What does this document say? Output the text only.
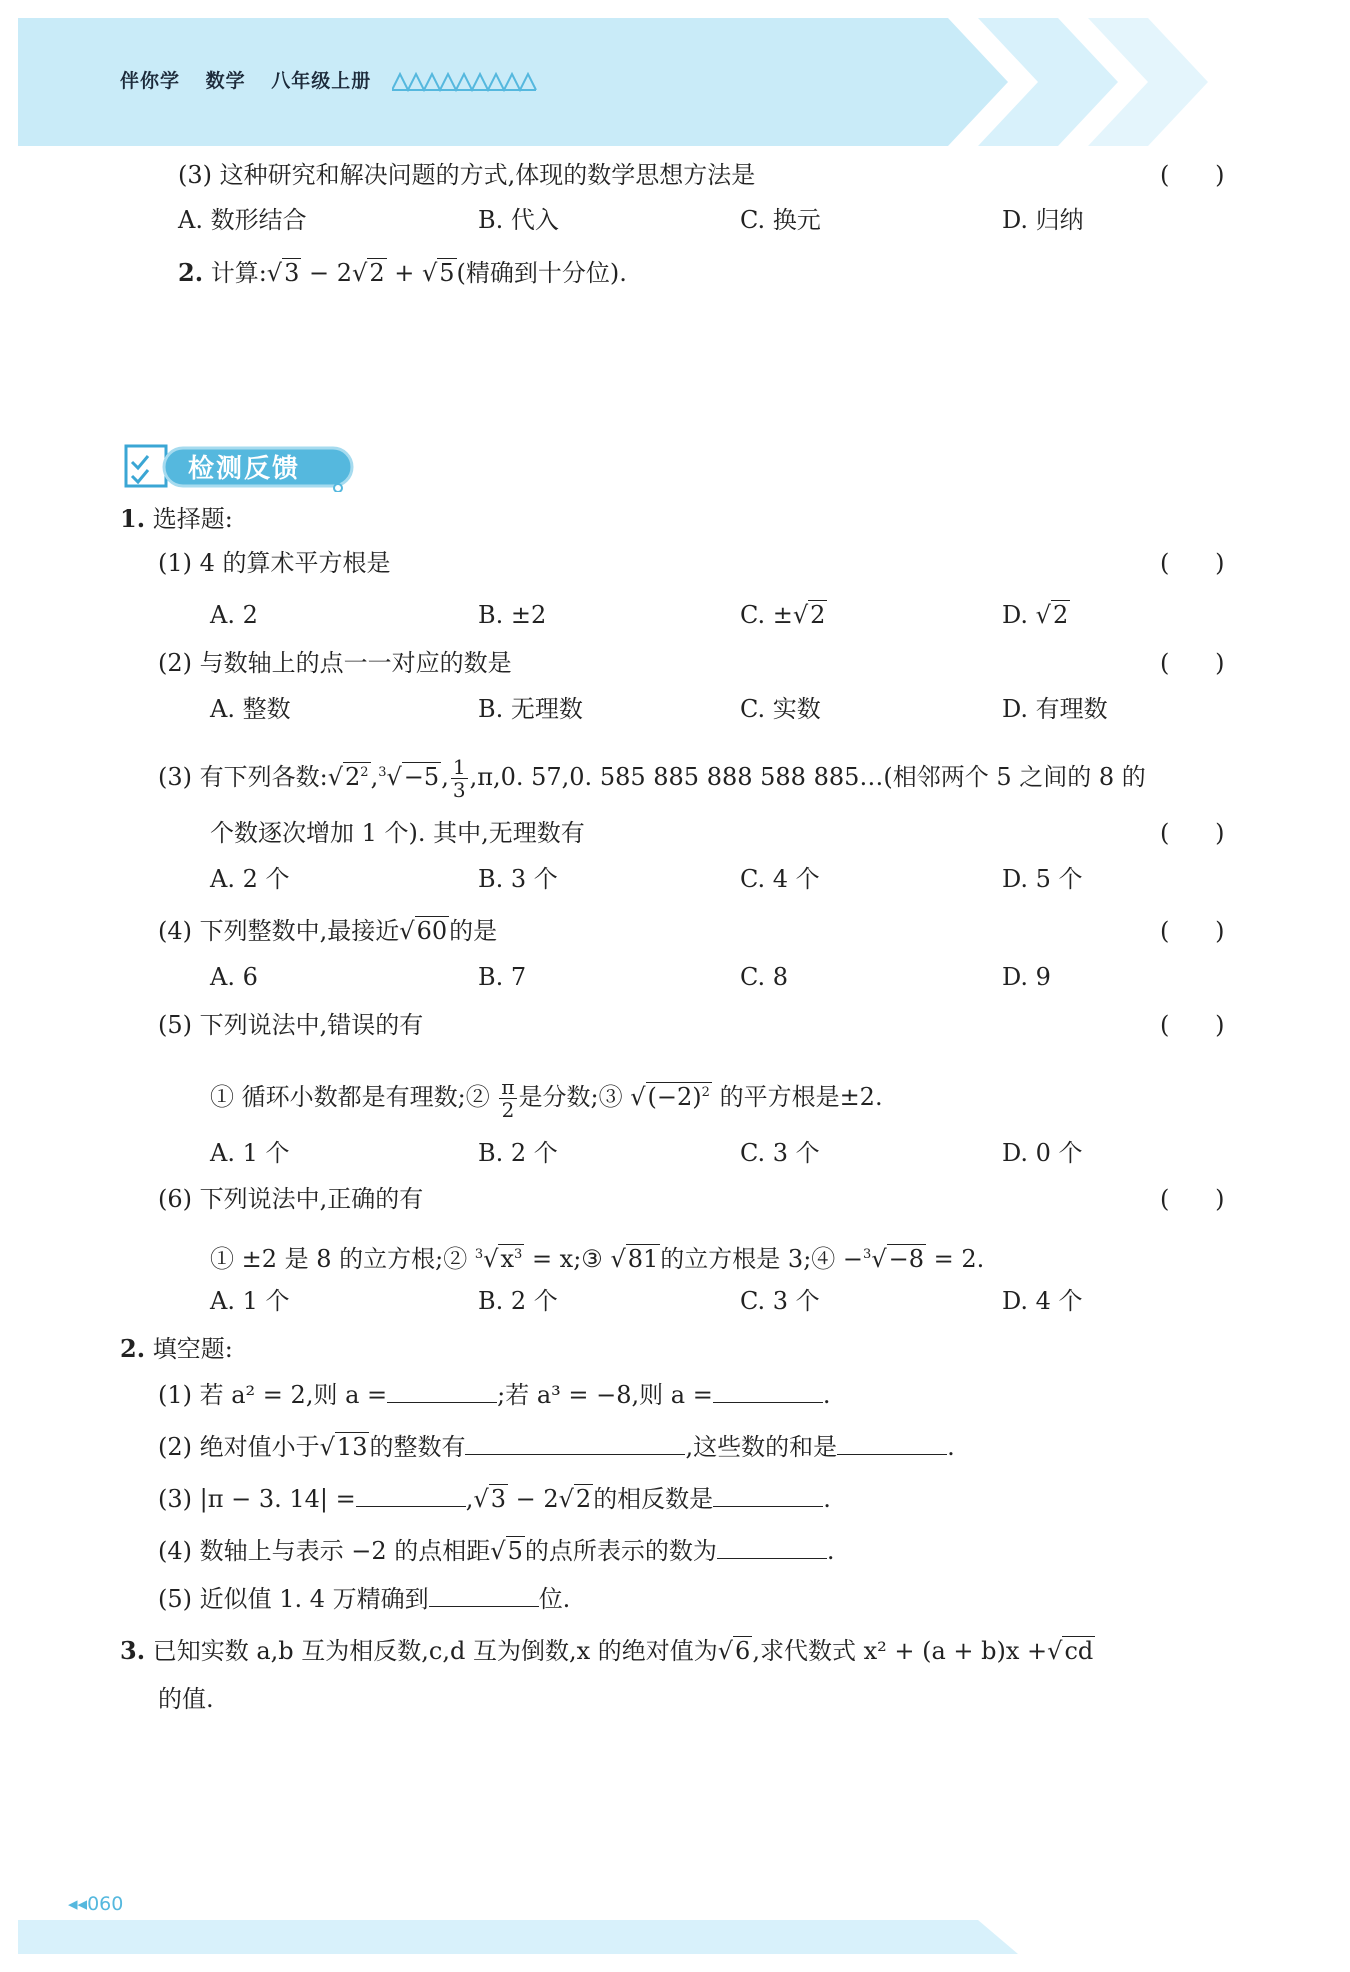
伴你学 数学 八年级上册
(3) 这种研究和解决问题的方式,体现的数学思想方法是	(      )
A. 数形结合	B. 代入	C. 换元	D. 归纳
2. 计算:√3 − 2√2 + √5(精确到十分位).
检测反馈
1. 选择题:
(1) 4 的算术平方根是	(      )
A. 2	B. ±2	C. ±√2	D. √2
(2) 与数轴上的点一一对应的数是	(      )
A. 整数	B. 无理数	C. 实数	D. 有理数
(3) 有下列各数$:√2^2,^3√-5$, $\frac{1}{3} ,\pi,0$. 57,0. 585 885 888 588 885…(相邻两个 5 之间的 8 的
个数逐次增加 1 个). 其中,无理数有	(      )
A. 2 个	B. 3 个	C. 4 个	D. 5 个
(4) 下列整数中,最接近√60的是	(      )
A. 6	B. 7	C. 8	D. 9
(5) 下列说法中,错误的有	(      )
① 循环小数都是有理数;② $\frac{\pi}{2}$ 是分数;③ $√(-2)^2$ 的平方根是±2.
A. 1 个	B. 2 个	C. 3 个	D. 0 个
(6) 下列说法中,正确的有	(      )
① ±2 是 8 的立方根;② $^3√x^3$ = x;③ √81的立方根是 3;④ −$^3$√−8 = 2.
A. 1 个	B. 2 个	C. 3 个	D. 4 个
2. 填空题:
(1) 若 a² = 2,则 a =	;若 a³ = −8,则 a =	.
(2) 绝对值小于√13的整数有	,这些数的和是	.
(3) |π − 3. 14| =	,√3 − 2√2的相反数是	.
(4) 数轴上与表示 −2 的点相距√5的点所表示的数为	.
(5) 近似值 1. 4 万精确到	位.
3. 已知实数 a,b 互为相反数,c,d 互为倒数,x 的绝对值为√6,求代数式 x² + (a + b)x +√cd
的值.
◂◂060
